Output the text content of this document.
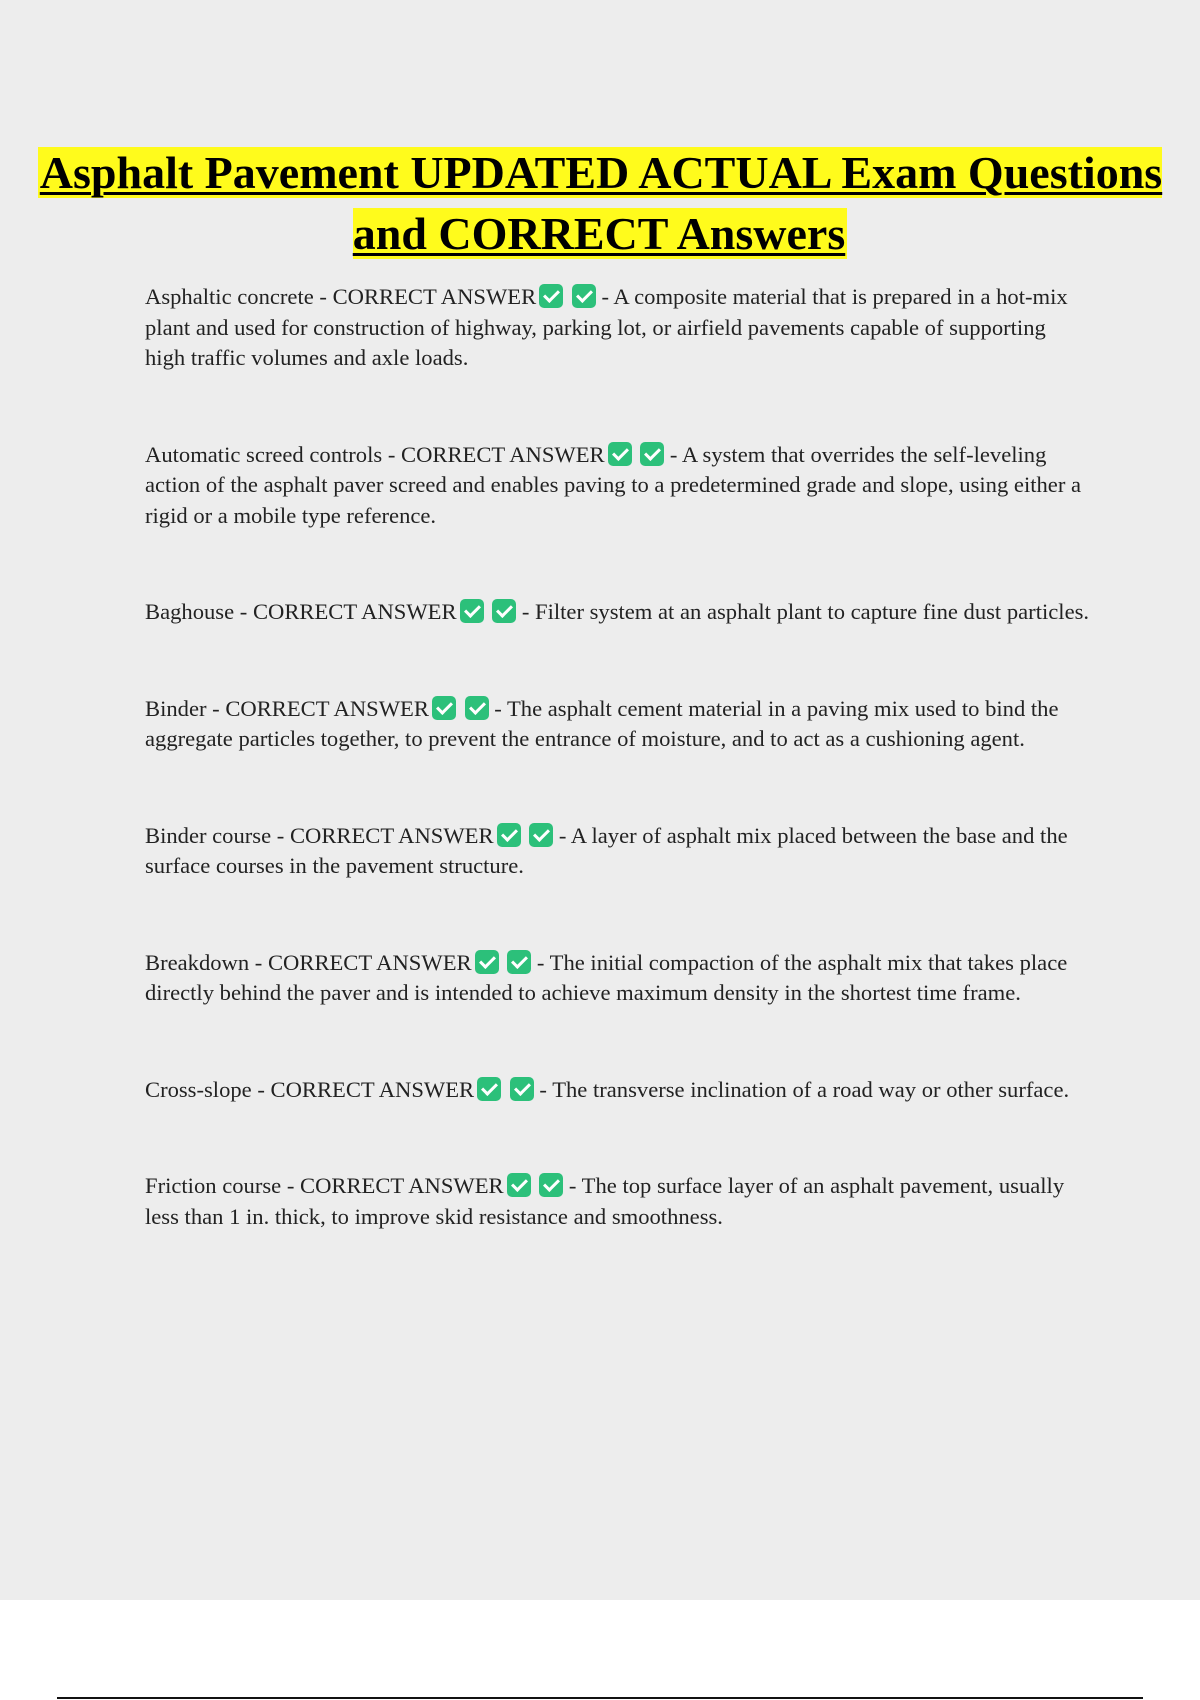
Asphalt Pavement UPDATED ACTUAL Exam Questions and CORRECT Answers

Asphaltic concrete - CORRECT ANSWER	- A composite material that is prepared in a hot-mix plant and used for construction of highway, parking lot, or airfield pavements capable of supporting high traffic volumes and axle loads.

Automatic screed controls - CORRECT ANSWER	- A system that overrides the self-leveling action of the asphalt paver screed and enables paving to a predetermined grade and slope, using either a rigid or a mobile type reference.

Baghouse - CORRECT ANSWER	- Filter system at an asphalt plant to capture fine dust particles.

Binder - CORRECT ANSWER	- The asphalt cement material in a paving mix used to bind the aggregate particles together, to prevent the entrance of moisture, and to act as a cushioning agent.

Binder course - CORRECT ANSWER	- A layer of asphalt mix placed between the base and the surface courses in the pavement structure.

Breakdown - CORRECT ANSWER	- The initial compaction of the asphalt mix that takes place directly behind the paver and is intended to achieve maximum density in the shortest time frame.

Cross-slope - CORRECT ANSWER	- The transverse inclination of a road way or other surface.

Friction course - CORRECT ANSWER	- The top surface layer of an asphalt pavement, usually less than 1 in. thick, to improve skid resistance and smoothness.
